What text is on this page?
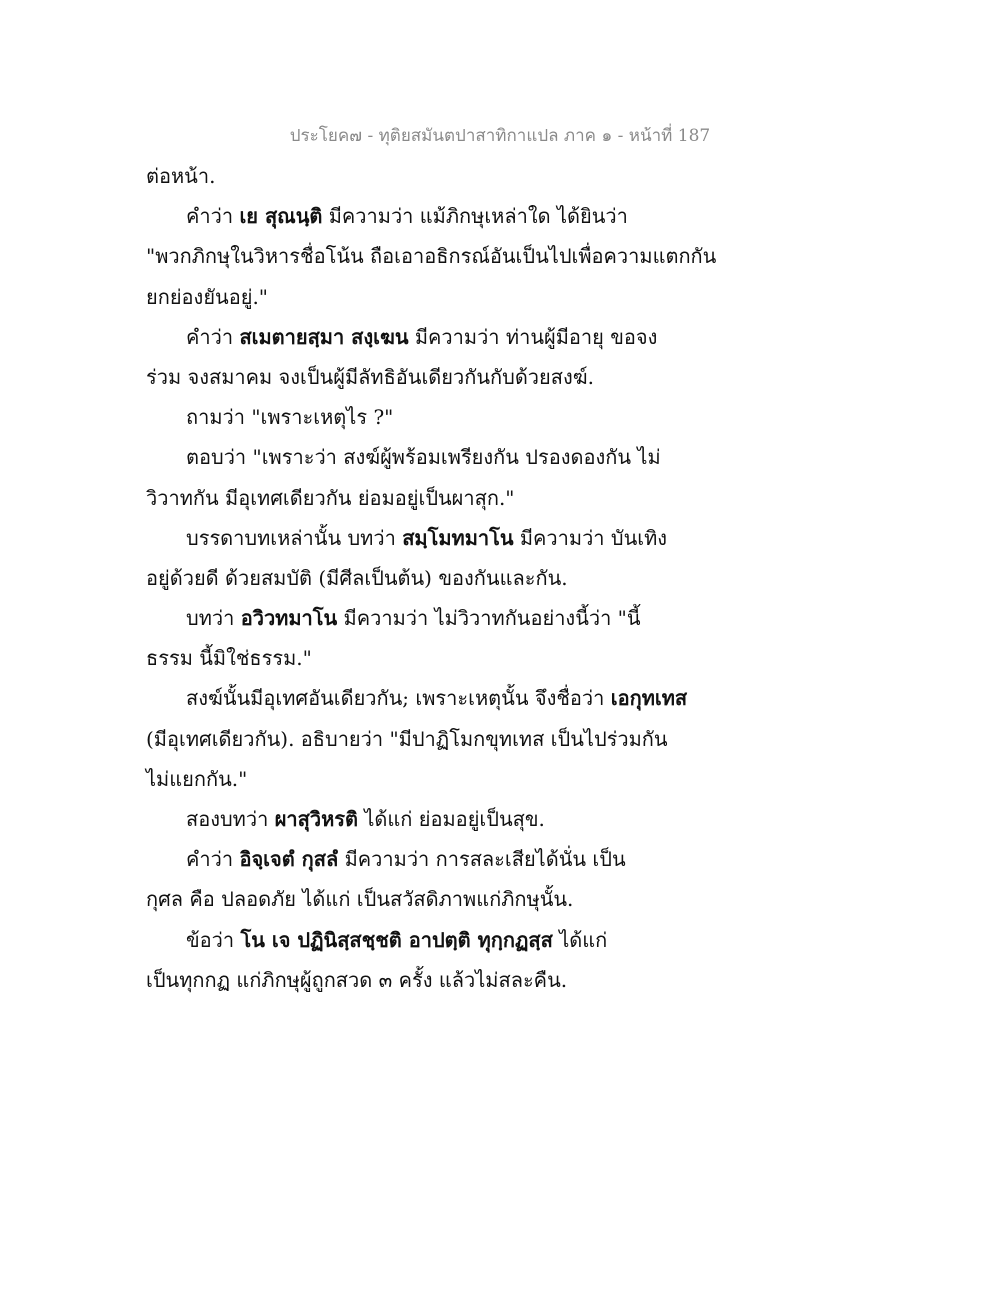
ประโยค๗ - ทุติยสมันตปาสาทิกาแปล ภาค ๑ - หน้าที่ 187
ต่อหน้า.
คำว่า เย สุณนฺติ มีความว่า แม้ภิกษุเหล่าใด ได้ยินว่า
"พวกภิกษุในวิหารชื่อโน้น ถือเอาอธิกรณ์อันเป็นไปเพื่อความแตกกัน
ยกย่องยันอยู่."
คำว่า สเมตายสฺมา สงฺเฆน มีความว่า ท่านผู้มีอายุ ขอจง
ร่วม จงสมาคม จงเป็นผู้มีลัทธิอันเดียวกันกับด้วยสงฆ์.
ถามว่า "เพราะเหตุไร ?"
ตอบว่า "เพราะว่า สงฆ์ผู้พร้อมเพรียงกัน ปรองดองกัน ไม่
วิวาทกัน มีอุเทศเดียวกัน ย่อมอยู่เป็นผาสุก."
บรรดาบทเหล่านั้น บทว่า สมฺโมทมาโน มีความว่า บันเทิง
อยู่ด้วยดี ด้วยสมบัติ (มีศีลเป็นต้น) ของกันและกัน.
บทว่า อวิวทมาโน มีความว่า ไม่วิวาทกันอย่างนี้ว่า "นี้
ธรรม นี้มิใช่ธรรม."
สงฆ์นั้นมีอุเทศอันเดียวกัน; เพราะเหตุนั้น จึงชื่อว่า เอกุทเทส
(มีอุเทศเดียวกัน). อธิบายว่า "มีปาฏิโมกขุทเทส เป็นไปร่วมกัน
ไม่แยกกัน."
สองบทว่า ผาสุวิหรติ ได้แก่ ย่อมอยู่เป็นสุข.
คำว่า อิจฺเจตํ กุสลํ มีความว่า การสละเสียได้นั่น เป็น
กุศล คือ ปลอดภัย ได้แก่ เป็นสวัสดิภาพแก่ภิกษุนั้น.
ข้อว่า โน เจ ปฏินิสฺสชฺชติ อาปตฺติ ทุกฺกฏสฺส ได้แก่
เป็นทุกกฏ แก่ภิกษุผู้ถูกสวด ๓ ครั้ง แล้วไม่สละคืน.
